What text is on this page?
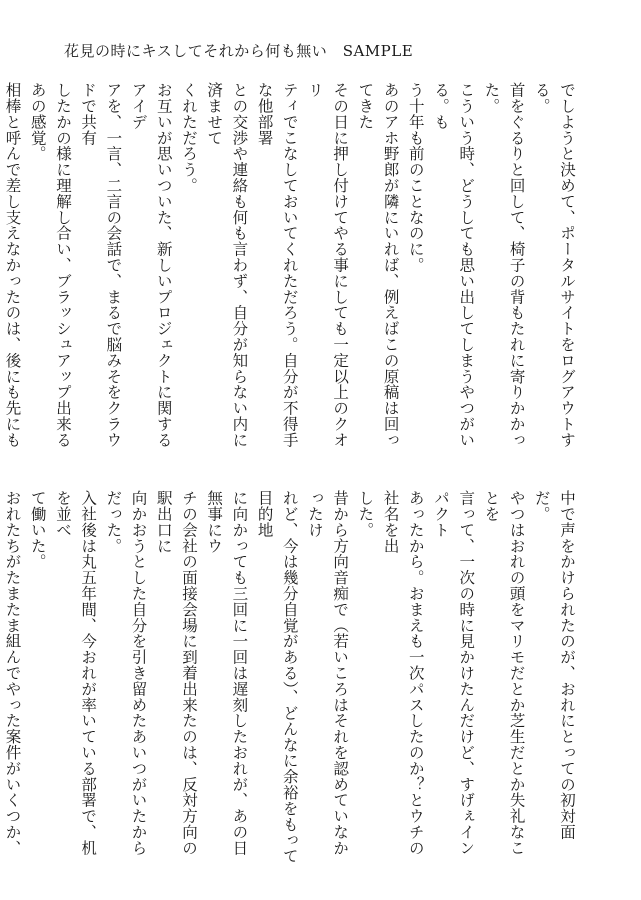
花見の時にキスしてそれから何も無い　SAMPLE
でしようと決めて、ポータルサイトをログアウトする。
首をぐるりと回して、椅子の背もたれに寄りかかった。
こういう時、どうしても思い出してしまうやつがいる。も
う十年も前のことなのに。
あのアホ野郎が隣にいれば、例えばこの原稿は回ってきた
その日に押し付けてやる事にしても一定以上のクオリ
ティでこなしておいてくれただろう。自分が不得手な他部署
との交渉や連絡も何も言わず、自分が知らない内に済ませて
くれただろう。
お互いが思いついた、新しいプロジェクトに関するアイデ
アを、一言、二言の会話で、まるで脳みそをクラウドで共有
したかの様に理解し合い、ブラッシュアップ出来るあの感覚。
相棒と呼んで差し支えなかったのは、後にも先にも
中で声をかけられたのが、おれにとっての初対面だ。
やつはおれの頭をマリモだとか芝生だとか失礼なことを
言って、一次の時に見かけたんだけど、すげぇインパクト
あったから。おまえも一次パスしたのか？とウチの社名を出
した。
昔から方向音痴で（若いころはそれを認めていなかったけ
れど、今は幾分自覚がある）、どんなに余裕をもって目的地
に向かっても三回に一回は遅刻したおれが、あの日無事にウ
チの会社の面接会場に到着出来たのは、反対方向の駅出口に
向かおうとした自分を引き留めたあいつがいたからだった。
入社後は丸五年間、今おれが率いている部署で、机を並べ
て働いた。
おれたちがたまたま組んでやった案件がいくつか、
